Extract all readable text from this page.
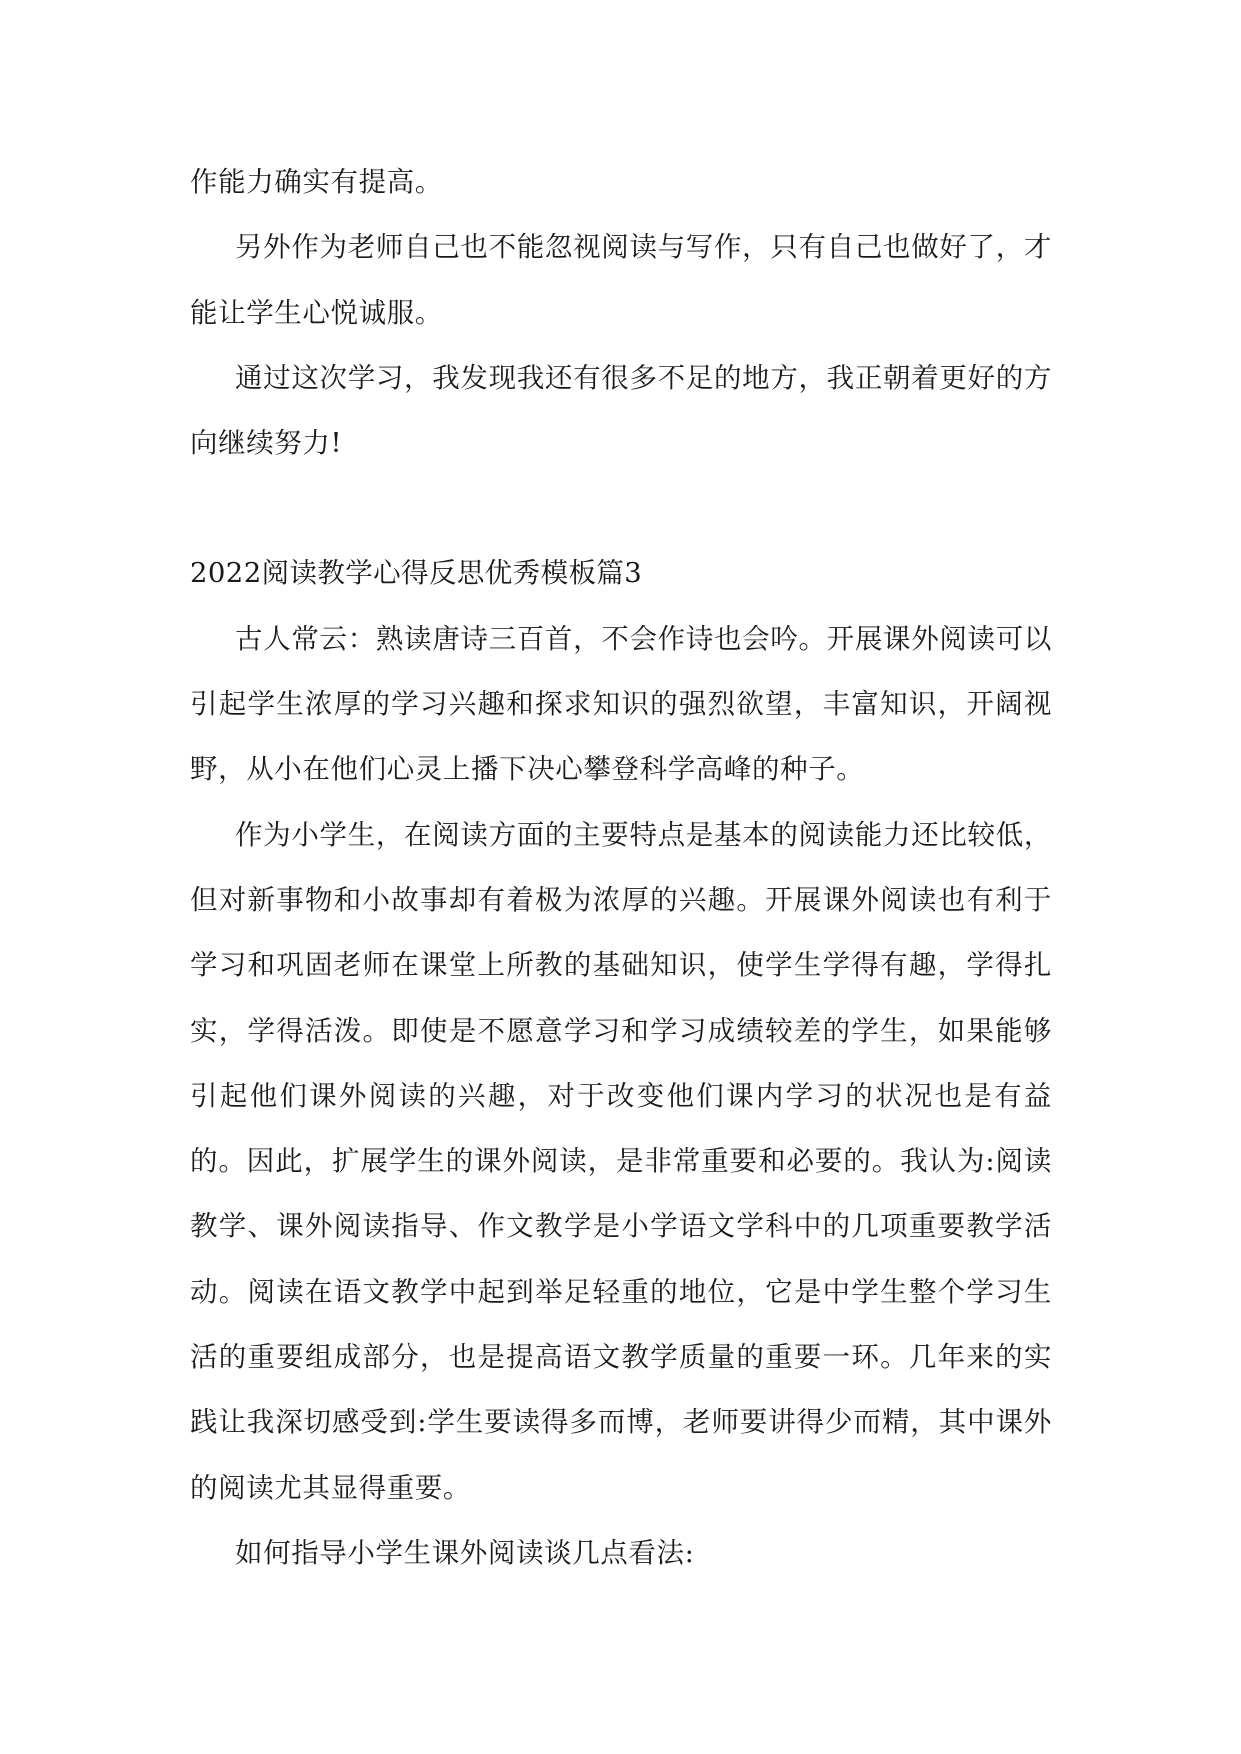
作能力确实有提高。

另外作为老师自己也不能忽视阅读与写作，只有自己也做好了，才能让学生心悦诚服。

通过这次学习，我发现我还有很多不足的地方，我正朝着更好的方向继续努力!

2022阅读教学心得反思优秀模板篇3

古人常云：熟读唐诗三百首，不会作诗也会吟。开展课外阅读可以引起学生浓厚的学习兴趣和探求知识的强烈欲望，丰富知识，开阔视野，从小在他们心灵上播下决心攀登科学高峰的种子。

作为小学生，在阅读方面的主要特点是基本的阅读能力还比较低，但对新事物和小故事却有着极为浓厚的兴趣。开展课外阅读也有利于学习和巩固老师在课堂上所教的基础知识，使学生学得有趣，学得扎实，学得活泼。即使是不愿意学习和学习成绩较差的学生，如果能够引起他们课外阅读的兴趣，对于改变他们课内学习的状况也是有益的。因此，扩展学生的课外阅读，是非常重要和必要的。我认为:阅读教学、课外阅读指导、作文教学是小学语文学科中的几项重要教学活动。阅读在语文教学中起到举足轻重的地位，它是中学生整个学习生活的重要组成部分，也是提高语文教学质量的重要一环。几年来的实践让我深切感受到:学生要读得多而博，老师要讲得少而精，其中课外的阅读尤其显得重要。

如何指导小学生课外阅读谈几点看法:
